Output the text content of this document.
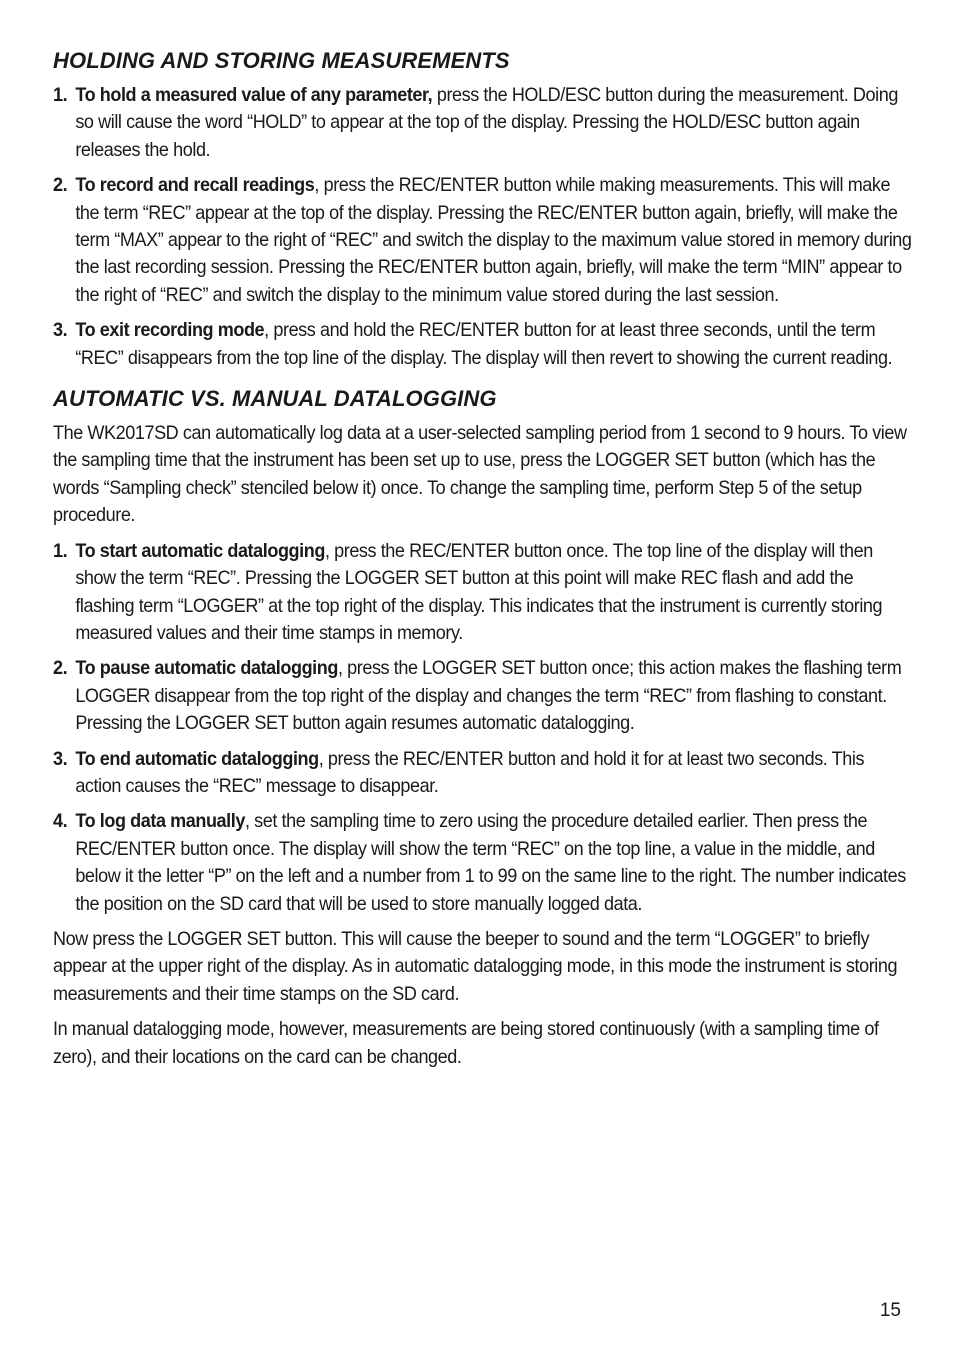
HOLDING AND STORING MEASUREMENTS
1. To hold a measured value of any parameter, press the HOLD/ESC button during the measurement. Doing so will cause the word “HOLD” to appear at the top of the display. Pressing the HOLD/ESC button again releases the hold.
2. To record and recall readings, press the REC/ENTER button while making measurements. This will make the term “REC” appear at the top of the display. Pressing the REC/ENTER button again, briefly, will make the term “MAX” appear to the right of “REC” and switch the display to the maximum value stored in memory during the last recording session. Pressing the REC/ENTER button again, briefly, will make the term “MIN” appear to the right of “REC” and switch the display to the minimum value stored during the last session.
3. To exit recording mode, press and hold the REC/ENTER button for at least three seconds, until the term “REC” disappears from the top line of the display. The display will then revert to showing the current reading.
AUTOMATIC VS. MANUAL DATALOGGING

The WK2017SD can automatically log data at a user-selected sampling period from 1 second to 9 hours. To view the sampling time that the instrument has been set up to use, press the LOGGER SET button (which has the words “Sampling check” stenciled below it) once. To change the sampling time, perform Step 5 of the setup procedure.

1. To start automatic datalogging, press the REC/ENTER button once. The top line of the display will then show the term “REC”. Pressing the LOGGER SET button at this point will make REC flash and add the flashing term “LOGGER” at the top right of the display. This indicates that the instrument is currently storing measured values and their time stamps in memory.
2. To pause automatic datalogging, press the LOGGER SET button once; this action makes the flashing term LOGGER disappear from the top right of the display and changes the term “REC” from flashing to constant. Pressing the LOGGER SET button again resumes automatic datalogging.
3. To end automatic datalogging, press the REC/ENTER button and hold it for at least two seconds. This action causes the “REC” message to disappear.
4. To log data manually, set the sampling time to zero using the procedure detailed earlier. Then press the REC/ENTER button once. The display will show the term “REC” on the top line, a value in the middle, and below it the letter “P” on the left and a number from 1 to 99 on the same line to the right. The number indicates the position on the SD card that will be used to store manually logged data.

Now press the LOGGER SET button. This will cause the beeper to sound and the term “LOGGER” to briefly appear at the upper right of the display. As in automatic datalogging mode, in this mode the instrument is storing measurements and their time stamps on the SD card.

In manual datalogging mode, however, measurements are being stored continuously (with a sampling time of zero), and their locations on the card can be changed.

15
